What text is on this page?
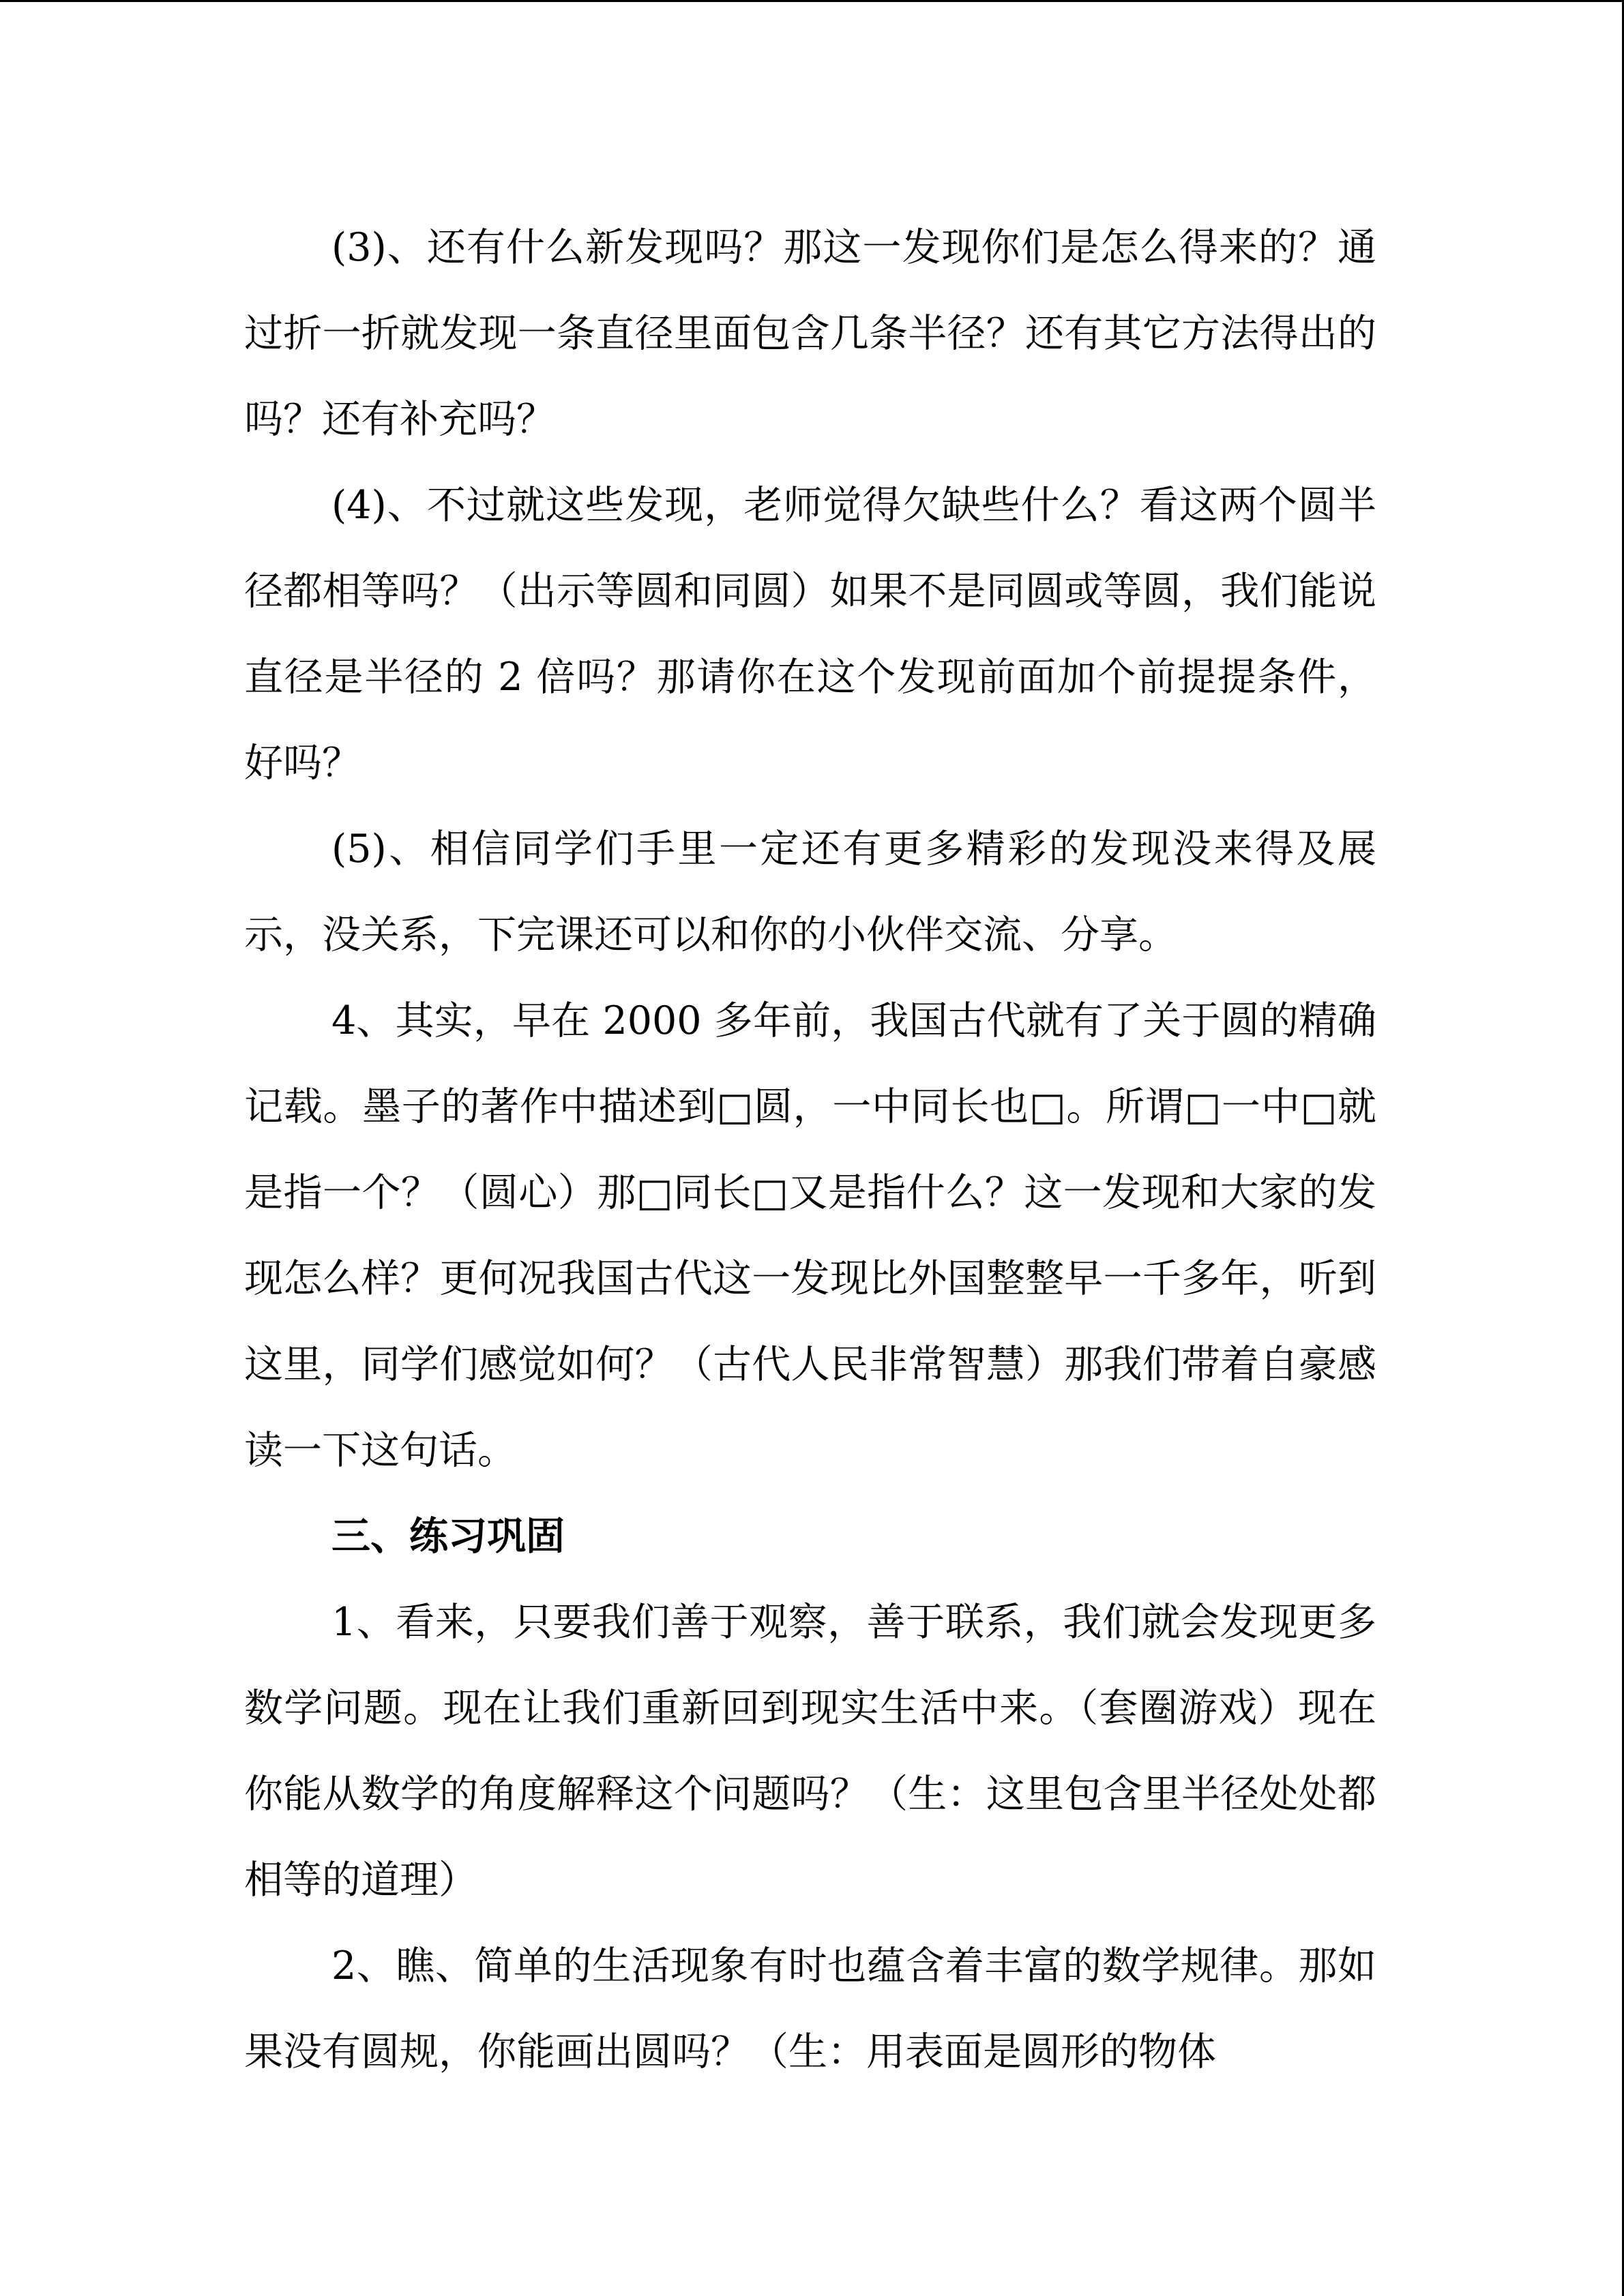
(3)、还有什么新发现吗？那这一发现你们是怎么得来的？通过折一折就发现一条直径里面包含几条半径？还有其它方法得出的吗？还有补充吗？

(4)、不过就这些发现，老师觉得欠缺些什么？看这两个圆半径都相等吗？（出示等圆和同圆）如果不是同圆或等圆，我们能说直径是半径的 2 倍吗？那请你在这个发现前面加个前提提条件，好吗？

(5)、相信同学们手里一定还有更多精彩的发现没来得及展示，没关系，下完课还可以和你的小伙伴交流、分享。

4、其实，早在 2000 多年前，我国古代就有了关于圆的精确记载。墨子的著作中描述到□圆，一中同长也□。所谓□一中□就是指一个？（圆心）那□同长□又是指什么？这一发现和大家的发现怎么样？更何况我国古代这一发现比外国整整早一千多年，听到这里，同学们感觉如何？（古代人民非常智慧）那我们带着自豪感读一下这句话。

三、练习巩固

1、看来，只要我们善于观察，善于联系，我们就会发现更多数学问题。现在让我们重新回到现实生活中来。（套圈游戏）现在你能从数学的角度解释这个问题吗？（生：这里包含里半径处处都相等的道理）

2、瞧、简单的生活现象有时也蕴含着丰富的数学规律。那如果没有圆规，你能画出圆吗？（生：用表面是圆形的物体
